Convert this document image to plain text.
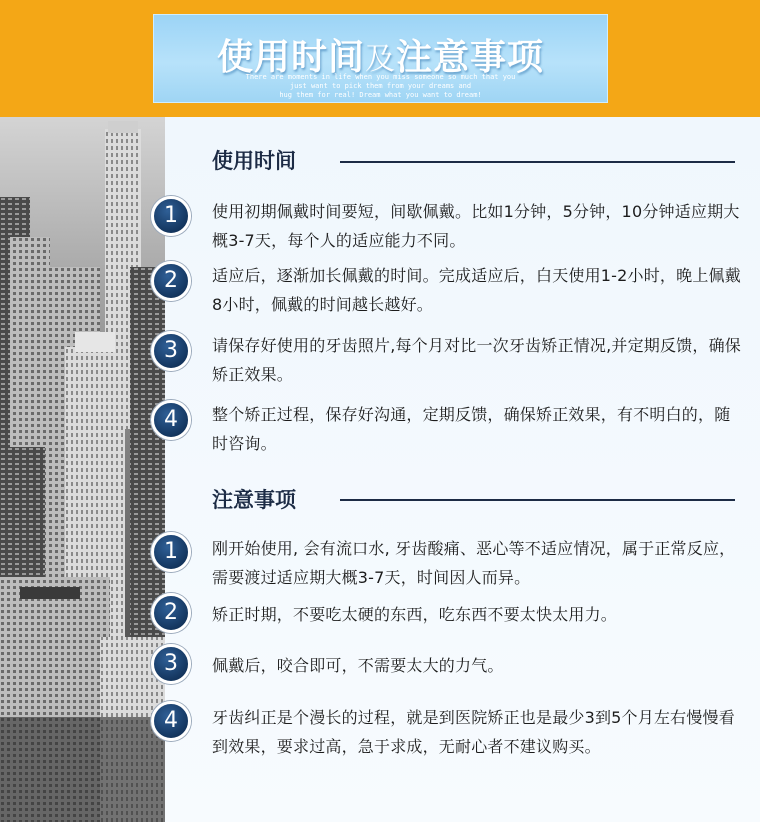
使用时间及注意事项
There are moments in life when you miss someone so much that you
just want to pick them from your dreams and
hug them for real! Dream what you want to dream!
使用时间
1	使用初期佩戴时间要短，间歇佩戴。比如1分钟，5分钟，10分钟适应期大概3-7天，每个人的适应能力不同。
2	适应后，逐渐加长佩戴的时间。完成适应后，白天使用1-2小时，晚上佩戴8小时，佩戴的时间越长越好。
3	请保存好使用的牙齿照片,每个月对比一次牙齿矫正情况,并定期反馈，确保矫正效果。
4	整个矫正过程，保存好沟通，定期反馈，确保矫正效果，有不明白的，随时咨询。
注意事项
1	刚开始使用, 会有流口水, 牙齿酸痛、恶心等不适应情况，属于正常反应，需要渡过适应期大概3-7天，时间因人而异。
2	矫正时期，不要吃太硬的东西，吃东西不要太快太用力。
3	佩戴后，咬合即可，不需要太大的力气。
4	牙齿纠正是个漫长的过程，就是到医院矫正也是最少3到5个月左右慢慢看到效果，要求过高，急于求成，无耐心者不建议购买。
